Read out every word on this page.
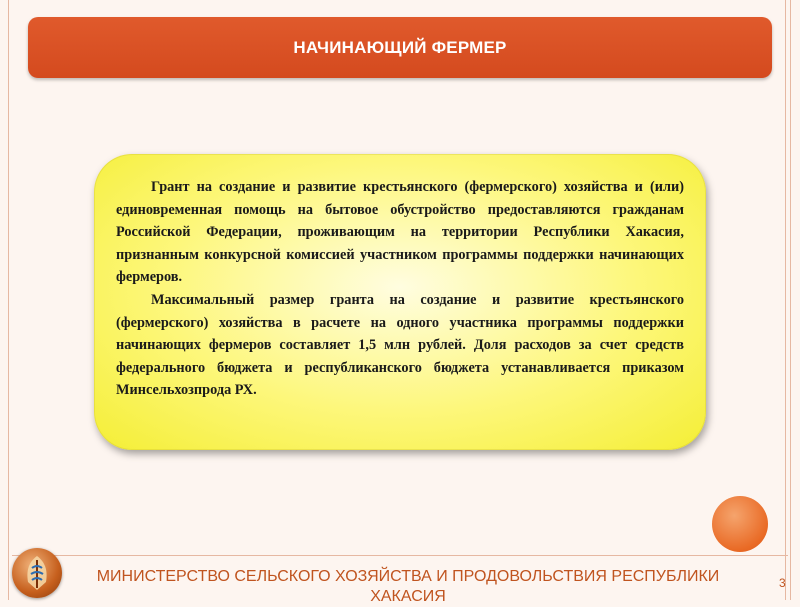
НАЧИНАЮЩИЙ ФЕРМЕР

Грант на создание и развитие крестьянского (фермерского) хозяйства и (или) единовременная помощь на бытовое обустройство предоставляются гражданам Российской Федерации, проживающим на территории Республики Хакасия, признанным конкурсной комиссией участником программы поддержки начинающих фермеров.

Максимальный размер гранта на создание и развитие крестьянского (фермерского) хозяйства в расчете на одного участника программы поддержки начинающих фермеров составляет 1,5 млн рублей. Доля расходов за счет средств федерального бюджета и республиканского бюджета устанавливается приказом Минсельхозпрода РХ.

МИНИСТЕРСТВО СЕЛЬСКОГО ХОЗЯЙСТВА И ПРОДОВОЛЬСТВИЯ РЕСПУБЛИКИ ХАКАСИЯ
3
